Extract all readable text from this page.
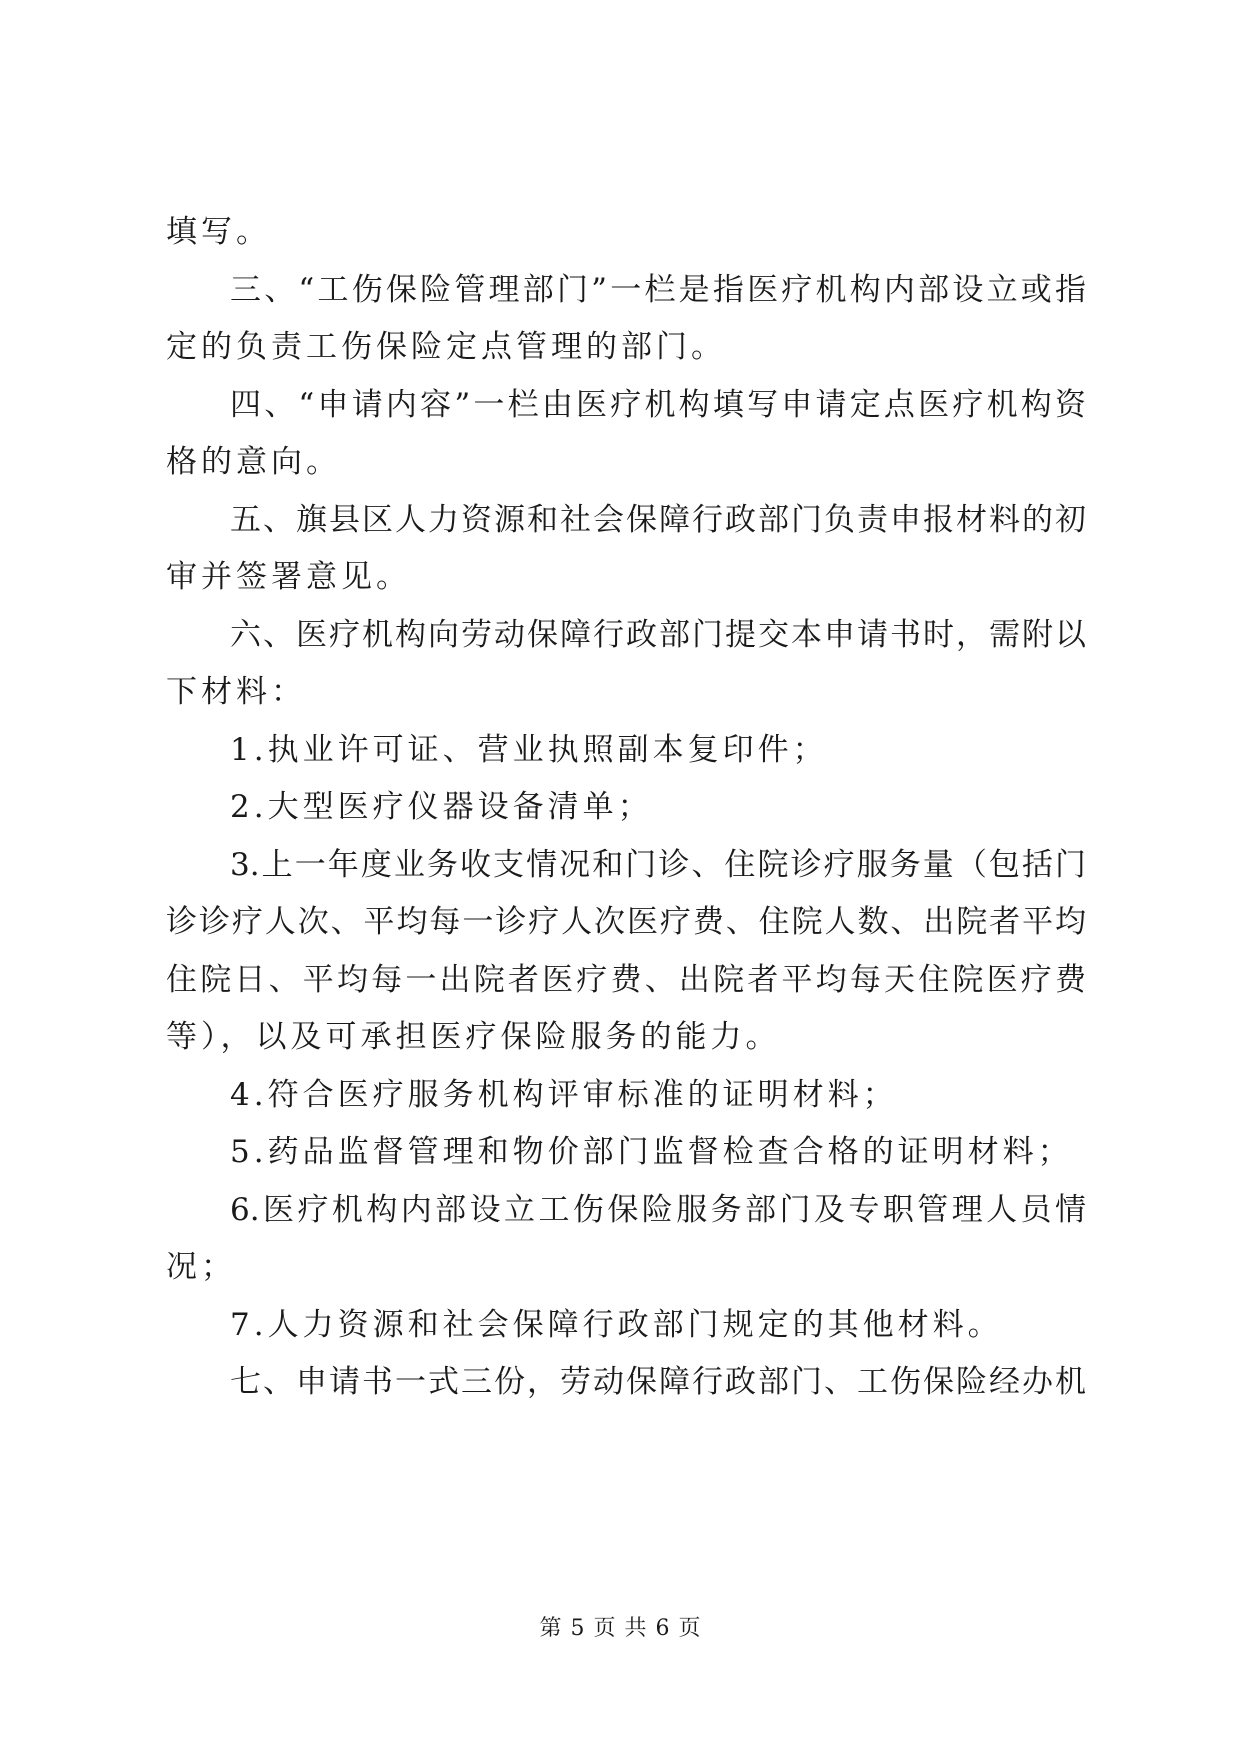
填写。
三、“工伤保险管理部门”一栏是指医疗机构内部设立或指
定的负责工伤保险定点管理的部门。
四、“申请内容”一栏由医疗机构填写申请定点医疗机构资
格的意向。
五、旗县区人力资源和社会保障行政部门负责申报材料的初
审并签署意见。
六、医疗机构向劳动保障行政部门提交本申请书时，需附以
下材料：
1.执业许可证、营业执照副本复印件；
2.大型医疗仪器设备清单；
3.上一年度业务收支情况和门诊、住院诊疗服务量（包括门
诊诊疗人次、平均每一诊疗人次医疗费、住院人数、出院者平均
住院日、平均每一出院者医疗费、出院者平均每天住院医疗费
等），以及可承担医疗保险服务的能力。
4.符合医疗服务机构评审标准的证明材料；
5.药品监督管理和物价部门监督检查合格的证明材料；
6.医疗机构内部设立工伤保险服务部门及专职管理人员情
况；
7.人力资源和社会保障行政部门规定的其他材料。
七、申请书一式三份，劳动保障行政部门、工伤保险经办机
第 5 页 共 6 页
